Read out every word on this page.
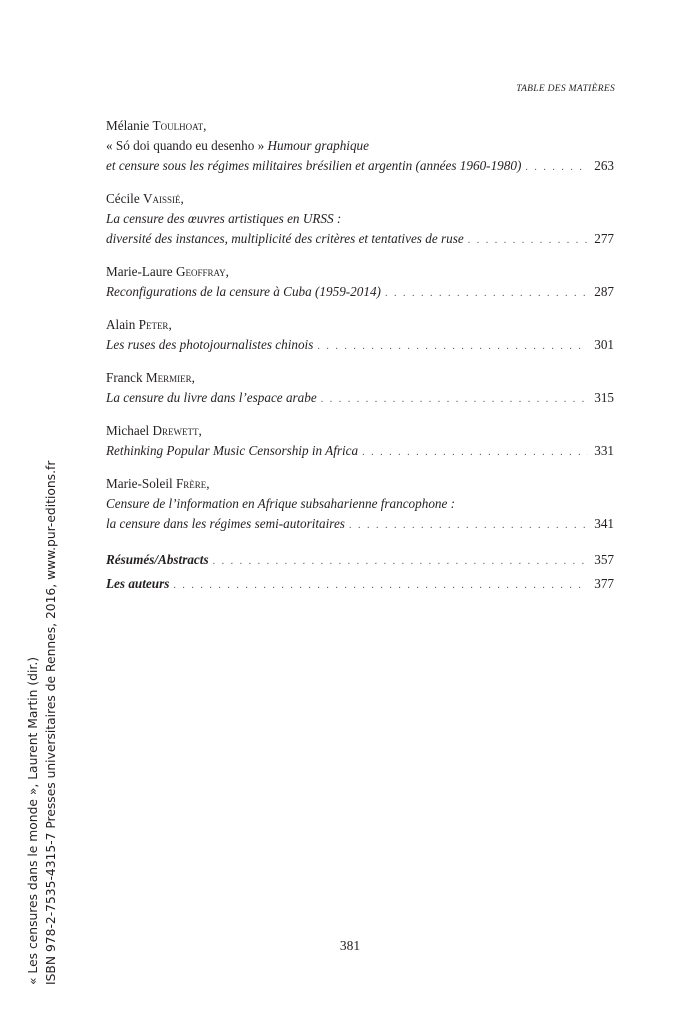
TABLE DES MATIÈRES
Mélanie Toulhoat,
« Só doi quando eu desenho » Humour graphique
et censure sous les régimes militaires brésilien et argentin (années 1960-1980) . . .	263
Cécile Vaissié,
La censure des œuvres artistiques en URSS :
diversité des instances, multiplicité des critères et tentatives de ruse . . .	277
Marie-Laure Geoffray,
Reconfigurations de la censure à Cuba (1959-2014) . . .	287
Alain Peter,
Les ruses des photojournalistes chinois . . .	301
Franck Mermier,
La censure du livre dans l’espace arabe . . .	315
Michael Drewett,
Rethinking Popular Music Censorship in Africa . . .	331
Marie-Soleil Frère,
Censure de l’information en Afrique subsaharienne francophone :
la censure dans les régimes semi-autoritaires . . .	341
Résumés/Abstracts . . .	357
Les auteurs . . .	377
381
« Les censures dans le monde », Laurent Martin (dir.) ISBN 978-2-7535-4315-7 Presses universitaires de Rennes, 2016, www.pur-editions.fr
